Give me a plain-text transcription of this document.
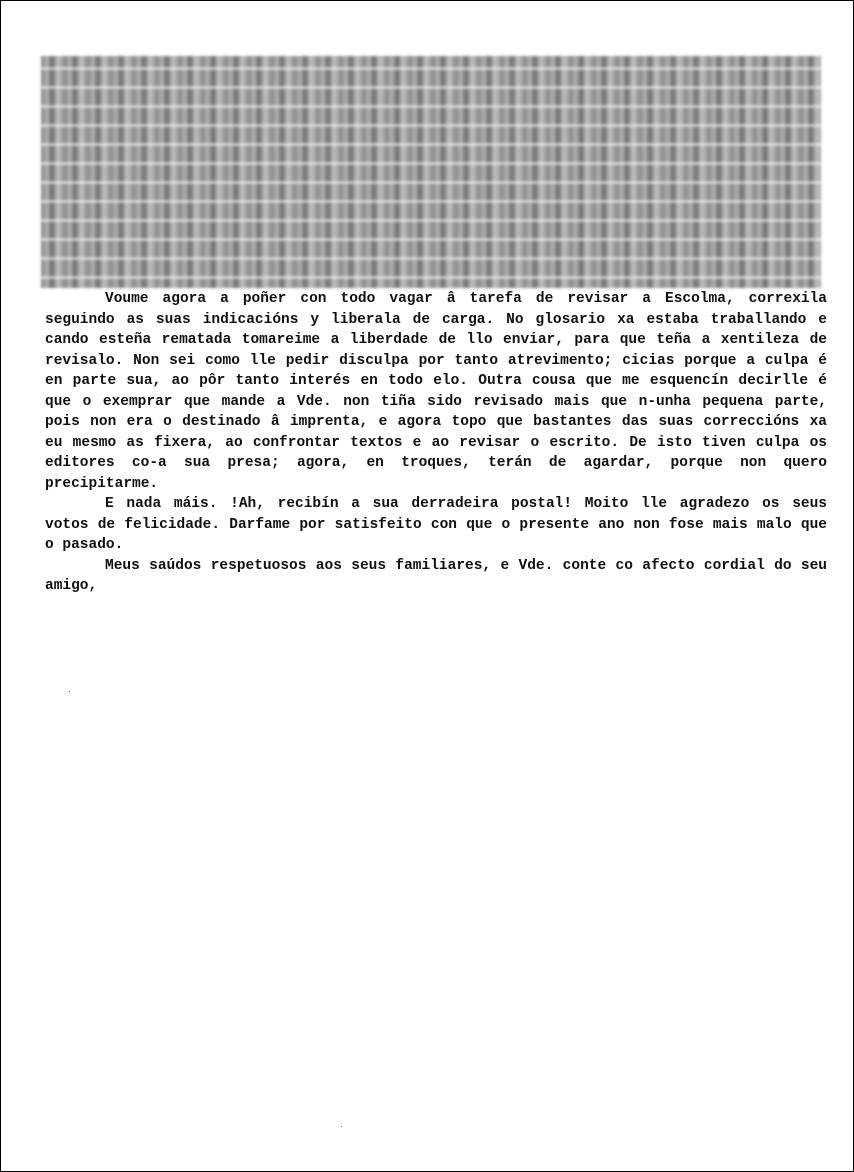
Voume agora a poñer con todo vagar â tarefa de revisar a Escolma, correxila seguindo as suas indicacións y liberala de carga. No glosario xa estaba traballando e cando esteña rematada tomareime a liberdade de llo enviar, para que teña a xentileza de revisalo. Non sei como lle pedir disculpa por tanto atrevimento; cicias porque a culpa é en parte sua, ao pôr tanto interés en todo elo. Outra cousa que me esquencín decirlle é que o exemprar que mande a Vde. non tiña sido revisado mais que n-unha pequena parte, pois non era o destinado â imprenta, e agora topo que bastantes das suas correccións xa eu mesmo as fixera, ao confrontar textos e ao revisar o escrito. De isto tiven culpa os editores co-a sua presa; agora, en troques, terán de agardar, porque non quero precipitarme.

E nada máis. !Ah, recibín a sua derradeira postal! Moito lle agradezo os seus votos de felicidade. Darfame por satisfeito con que o presente ano non fose mais malo que o pasado.

Meus saúdos respetuosos aos seus familiares, e Vde. conte co afecto cordial do seu amigo,
